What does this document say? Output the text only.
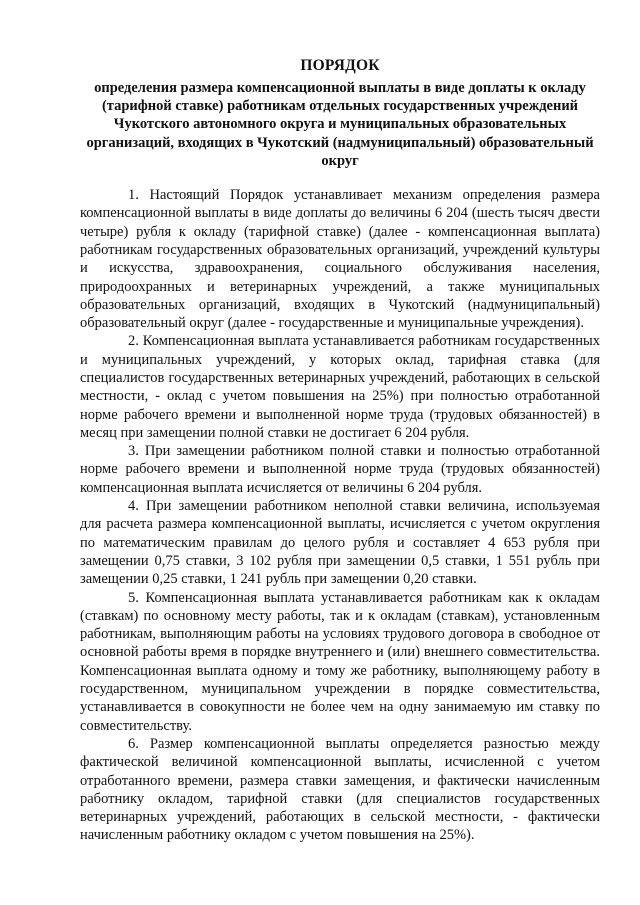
ПОРЯДОК
определения размера компенсационной выплаты в виде доплаты к окладу (тарифной ставке) работникам отдельных государственных учреждений Чукотского автономного округа и муниципальных образовательных организаций, входящих в Чукотский (надмуниципальный) образовательный округ

1. Настоящий Порядок устанавливает механизм определения размера компенсационной выплаты в виде доплаты до величины 6 204 (шесть тысяч двести четыре) рубля к окладу (тарифной ставке) (далее - компенсационная выплата) работникам государственных образовательных организаций, учреждений культуры и искусства, здравоохранения, социального обслуживания населения, природоохранных и ветеринарных учреждений, а также муниципальных образовательных организаций, входящих в Чукотский (надмуниципальный) образовательный округ (далее - государственные и муниципальные учреждения).

2. Компенсационная выплата устанавливается работникам государственных и муниципальных учреждений, у которых оклад, тарифная ставка (для специалистов государственных ветеринарных учреждений, работающих в сельской местности, - оклад с учетом повышения на 25%) при полностью отработанной норме рабочего времени и выполненной норме труда (трудовых обязанностей) в месяц при замещении полной ставки не достигает 6 204 рубля.

3. При замещении работником полной ставки и полностью отработанной норме рабочего времени и выполненной норме труда (трудовых обязанностей) компенсационная выплата исчисляется от величины 6 204 рубля.

4. При замещении работником неполной ставки величина, используемая для расчета размера компенсационной выплаты, исчисляется с учетом округления по математическим правилам до целого рубля и составляет 4 653 рубля при замещении 0,75 ставки, 3 102 рубля при замещении 0,5 ставки, 1 551 рубль при замещении 0,25 ставки, 1 241 рубль при замещении 0,20 ставки.

5. Компенсационная выплата устанавливается работникам как к окладам (ставкам) по основному месту работы, так и к окладам (ставкам), установленным работникам, выполняющим работы на условиях трудового договора в свободное от основной работы время в порядке внутреннего и (или) внешнего совместительства. Компенсационная выплата одному и тому же работнику, выполняющему работу в государственном, муниципальном учреждении в порядке совместительства, устанавливается в совокупности не более чем на одну занимаемую им ставку по совместительству.

6. Размер компенсационной выплаты определяется разностью между фактической величиной компенсационной выплаты, исчисленной с учетом отработанного времени, размера ставки замещения, и фактически начисленным работнику окладом, тарифной ставки (для специалистов государственных ветеринарных учреждений, работающих в сельской местности, - фактически начисленным работнику окладом с учетом повышения на 25%).
